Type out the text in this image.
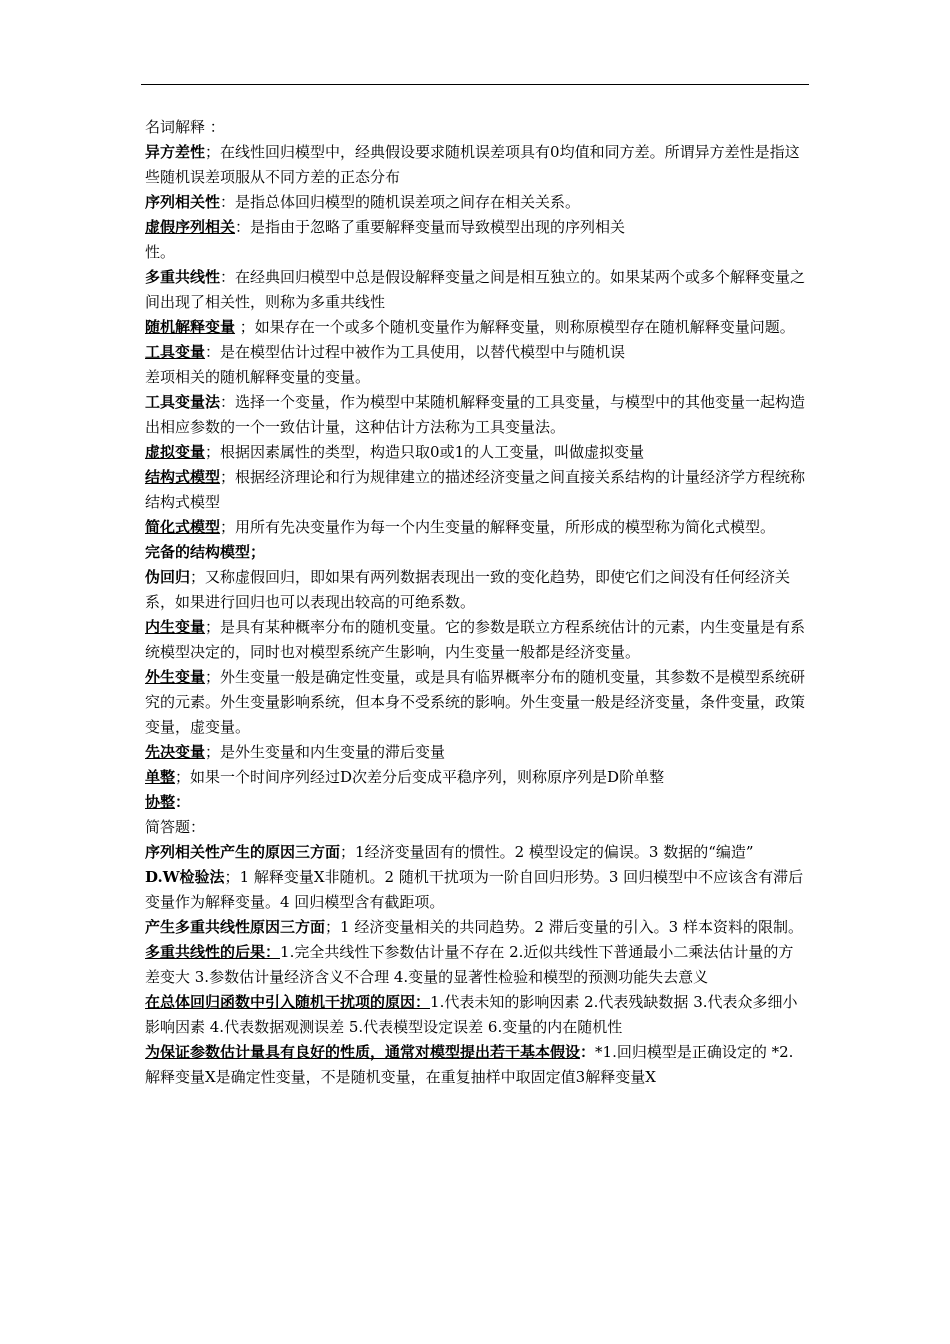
名词解释 ：

异方差性；在线性回归模型中，经典假设要求随机误差项具有0均值和同方差。所谓异方差性是指这些随机误差项服从不同方差的正态分布

序列相关性：是指总体回归模型的随机误差项之间存在相关关系。

虚假序列相关：是指由于忽略了重要解释变量而导致模型出现的序列相关

性。

多重共线性：在经典回归模型中总是假设解释变量之间是相互独立的。如果某两个或多个解释变量之间出现了相关性，则称为多重共线性

随机解释变量 ；如果存在一个或多个随机变量作为解释变量，则称原模型存在随机解释变量问题。

工具变量：是在模型估计过程中被作为工具使用，以替代模型中与随机误

差项相关的随机解释变量的变量。

工具变量法：选择一个变量，作为模型中某随机解释变量的工具变量，与模型中的其他变量一起构造出相应参数的一个一致估计量，这种估计方法称为工具变量法。

虚拟变量；根据因素属性的类型，构造只取0或1的人工变量，叫做虚拟变量

结构式模型；根据经济理论和行为规律建立的描述经济变量之间直接关系结构的计量经济学方程统称结构式模型

简化式模型；用所有先决变量作为每一个内生变量的解释变量，所形成的模型称为简化式模型。

完备的结构模型；

伪回归；又称虚假回归，即如果有两列数据表现出一致的变化趋势，即使它们之间没有任何经济关系，如果进行回归也可以表现出较高的可绝系数。

内生变量；是具有某种概率分布的随机变量。它的参数是联立方程系统估计的元素，内生变量是有系统模型决定的，同时也对模型系统产生影响，内生变量一般都是经济变量。

外生变量；外生变量一般是确定性变量，或是具有临界概率分布的随机变量，其参数不是模型系统研究的元素。外生变量影响系统，但本身不受系统的影响。外生变量一般是经济变量，条件变量，政策变量，虚变量。

先决变量；是外生变量和内生变量的滞后变量

单整；如果一个时间序列经过D次差分后变成平稳序列，则称原序列是D阶单整

协整：

简答题：

序列相关性产生的原因三方面；1经济变量固有的惯性。2 模型设定的偏误。3 数据的“编造”

D.W检验法；1 解释变量X非随机。2 随机干扰项为一阶自回归形势。3 回归模型中不应该含有滞后变量作为解释变量。4 回归模型含有截距项。

产生多重共线性原因三方面；1 经济变量相关的共同趋势。2 滞后变量的引入。3 样本资料的限制。

多重共线性的后果：1.完全共线性下参数估计量不存在 2.近似共线性下普通最小二乘法估计量的方差变大 3.参数估计量经济含义不合理 4.变量的显著性检验和模型的预测功能失去意义

在总体回归函数中引入随机干扰项的原因：1.代表未知的影响因素 2.代表残缺数据 3.代表众多细小影响因素 4.代表数据观测误差 5.代表模型设定误差 6.变量的内在随机性

为保证参数估计量具有良好的性质，通常对模型提出若干基本假设：*1.回归模型是正确设定的 *2.解释变量X是确定性变量，不是随机变量，在重复抽样中取固定值3解释变量X
